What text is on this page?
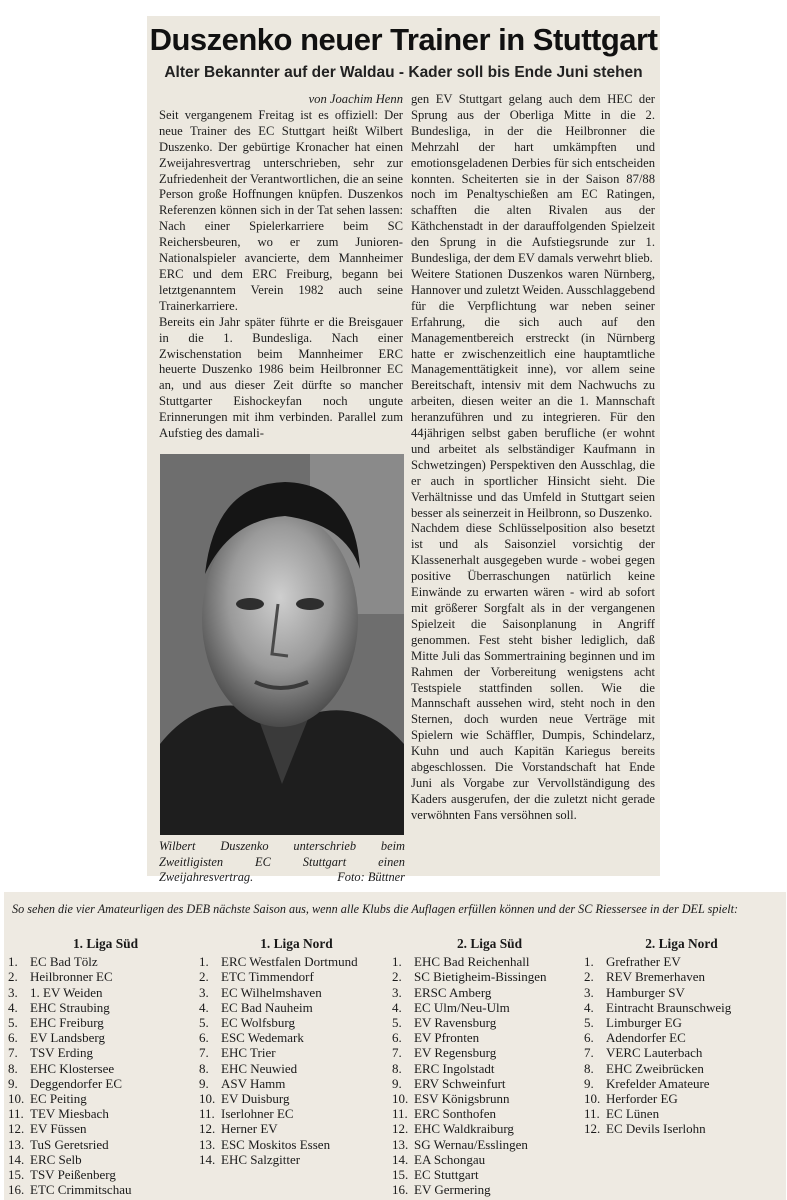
Duszenko neuer Trainer in Stuttgart
Alter Bekannter auf der Waldau - Kader soll bis Ende Juni stehen

von Joachim Henn

Seit vergangenem Freitag ist es offiziell: Der neue Trainer des EC Stuttgart heißt Wilbert Duszenko. Der gebürtige Kronacher hat einen Zweijahresvertrag unterschrieben, sehr zur Zufriedenheit der Verantwortlichen, die an seine Person große Hoffnungen knüpfen. Duszenkos Referenzen können sich in der Tat sehen lassen: Nach einer Spielerkarriere beim SC Reichersbeuren, wo er zum Junioren-Nationalspieler avancierte, dem Mannheimer ERC und dem ERC Freiburg, begann bei letztgenanntem Verein 1982 auch seine Trainerkarriere.

Bereits ein Jahr später führte er die Breisgauer in die 1. Bundesliga. Nach einer Zwischenstation beim Mannheimer ERC heuerte Duszenko 1986 beim Heilbronner EC an, und aus dieser Zeit dürfte so mancher Stuttgarter Eishockeyfan noch ungute Erinnerungen mit ihm verbinden. Parallel zum Aufstieg des damali-

Wilbert Duszenko unterschrieb beim Zweitligisten EC Stuttgart einen Zweijahresvertrag.	Foto: Büttner

gen EV Stuttgart gelang auch dem HEC der Sprung aus der Oberliga Mitte in die 2. Bundesliga, in der die Heilbronner die Mehrzahl der hart umkämpften und emotionsgeladenen Derbies für sich entscheiden konnten. Scheiterten sie in der Saison 87/88 noch im Penaltyschießen am EC Ratingen, schafften die alten Rivalen aus der Käthchenstadt in der darauffolgenden Spielzeit den Sprung in die Aufstiegsrunde zur 1. Bundesliga, der dem EV damals verwehrt blieb.

Weitere Stationen Duszenkos waren Nürnberg, Hannover und zuletzt Weiden. Ausschlaggebend für die Verpflichtung war neben seiner Erfahrung, die sich auch auf den Managementbereich erstreckt (in Nürnberg hatte er zwischenzeitlich eine hauptamtliche Managementtätigkeit inne), vor allem seine Bereitschaft, intensiv mit dem Nachwuchs zu arbeiten, diesen weiter an die 1. Mannschaft heranzuführen und zu integrieren. Für den 44jährigen selbst gaben berufliche (er wohnt und arbeitet als selbständiger Kaufmann in Schwetzingen) Perspektiven den Ausschlag, die er auch in sportlicher Hinsicht sieht. Die Verhältnisse und das Umfeld in Stuttgart seien besser als seinerzeit in Heilbronn, so Duszenko.

Nachdem diese Schlüsselposition also besetzt ist und als Saisonziel vorsichtig der Klassenerhalt ausgegeben wurde - wobei gegen positive Überraschungen natürlich keine Einwände zu erwarten wären - wird ab sofort mit größerer Sorgfalt als in der vergangenen Spielzeit die Saisonplanung in Angriff genommen. Fest steht bisher lediglich, daß Mitte Juli das Sommertraining beginnen und im Rahmen der Vorbereitung wenigstens acht Testspiele stattfinden sollen. Wie die Mannschaft aussehen wird, steht noch in den Sternen, doch wurden neue Verträge mit Spielern wie Schäffler, Dumpis, Schindelarz, Kuhn und auch Kapitän Kariegus bereits abgeschlossen. Die Vorstandschaft hat Ende Juni als Vorgabe zur Vervollständigung des Kaders ausgerufen, der die zuletzt nicht gerade verwöhnten Fans versöhnen soll.

So sehen die vier Amateurligen des DEB nächste Saison aus, wenn alle Klubs die Auflagen erfüllen können und der SC Riessersee in der DEL spielt:
1. Liga Süd
1. EC Bad Tölz
2. Heilbronner EC
3. 1. EV Weiden
4. EHC Straubing
5. EHC Freiburg
6. EV Landsberg
7. TSV Erding
8. EHC Klostersee
9. Deggendorfer EC
10. EC Peiting
11. TEV Miesbach
12. EV Füssen
13. TuS Geretsried
14. ERC Selb
15. TSV Peißenberg
16. ETC Crimmitschau
1. Liga Nord
1. ERC Westfalen Dortmund
2. ETC Timmendorf
3. EC Wilhelmshaven
4. EC Bad Nauheim
5. EC Wolfsburg
6. ESC Wedemark
7. EHC Trier
8. EHC Neuwied
9. ASV Hamm
10. EV Duisburg
11. Iserlohner EC
12. Herner EV
13. ESC Moskitos Essen
14. EHC Salzgitter
2. Liga Süd
1. EHC Bad Reichenhall
2. SC Bietigheim-Bissingen
3. ERSC Amberg
4. EC Ulm/Neu-Ulm
5. EV Ravensburg
6. EV Pfronten
7. EV Regensburg
8. ERC Ingolstadt
9. ERV Schweinfurt
10. ESV Königsbrunn
11. ERC Sonthofen
12. EHC Waldkraiburg
13. SG Wernau/Esslingen
14. EA Schongau
15. EC Stuttgart
16. EV Germering
2. Liga Nord
1. Grefrather EV
2. REV Bremerhaven
3. Hamburger SV
4. Eintracht Braunschweig
5. Limburger EG
6. Adendorfer EC
7. VERC Lauterbach
8. EHC Zweibrücken
9. Krefelder Amateure
10. Herforder EG
11. EC Lünen
12. EC Devils Iserlohn
